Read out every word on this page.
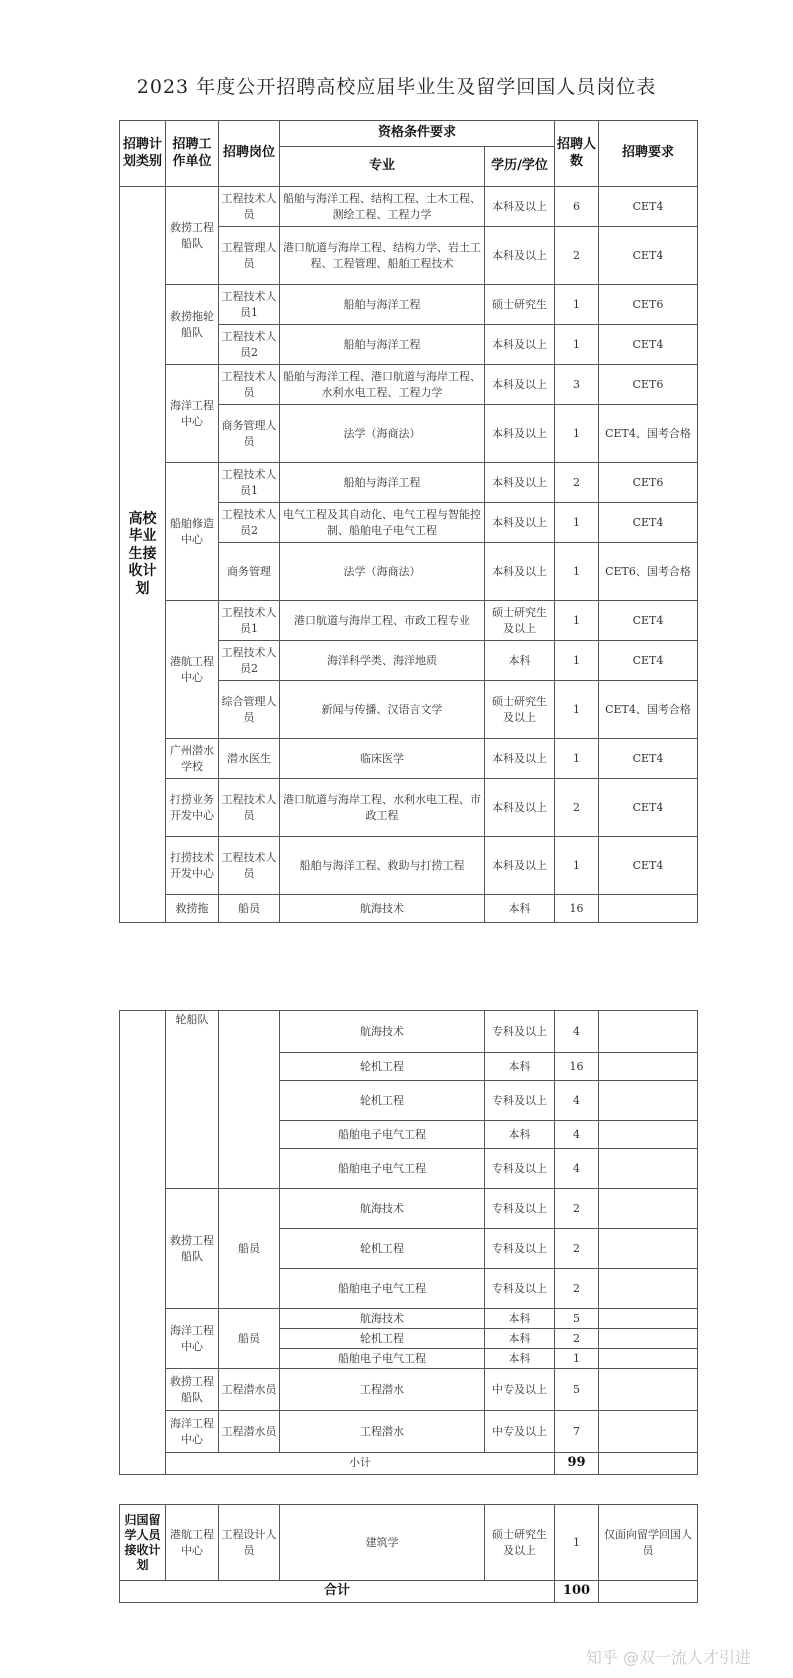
2023 年度公开招聘高校应届毕业生及留学回国人员岗位表
招聘计划类别	招聘工作单位	招聘岗位	资格条件要求		招聘人数	招聘要求
			专业	学历/学位		
高校毕业生接收计划	救捞工程船队	工程技术人员	船舶与海洋工程、结构工程、土木工程、测绘工程、工程力学	本科及以上	6	CET4
		工程管理人员	港口航道与海岸工程、结构力学、岩土工程、工程管理、船舶工程技术	本科及以上	2	CET4
	救捞拖轮船队	工程技术人员1	船舶与海洋工程	硕士研究生	1	CET6
		工程技术人员2	船舶与海洋工程	本科及以上	1	CET4
	海洋工程中心	工程技术人员	船舶与海洋工程、港口航道与海岸工程、水利水电工程、工程力学	本科及以上	3	CET6
		商务管理人员	法学（海商法）	本科及以上	1	CET4、国考合格
	船舶修造中心	工程技术人员1	船舶与海洋工程	本科及以上	2	CET6
		工程技术人员2	电气工程及其自动化、电气工程与智能控制、船舶电子电气工程	本科及以上	1	CET4
		商务管理	法学（海商法）	本科及以上	1	CET6、国考合格
	港航工程中心	工程技术人员1	港口航道与海岸工程、市政工程专业	硕士研究生及以上	1	CET4
		工程技术人员2	海洋科学类、海洋地质	本科	1	CET4
		综合管理人员	新闻与传播、汉语言文学	硕士研究生及以上	1	CET4、国考合格
	广州潜水学校	潜水医生	临床医学	本科及以上	1	CET4
	打捞业务开发中心	工程技术人员	港口航道与海岸工程、水利水电工程、市政工程	本科及以上	2	CET4
	打捞技术开发中心	工程技术人员	船舶与海洋工程、救助与打捞工程	本科及以上	1	CET4
	救捞拖	船员	航海技术	本科	16	
	轮船队		航海技术	专科及以上	4	
			轮机工程	本科	16	
			轮机工程	专科及以上	4	
			船舶电子电气工程	本科	4	
			船舶电子电气工程	专科及以上	4	
	救捞工程船队	船员	航海技术	专科及以上	2	
			轮机工程	专科及以上	2	
			船舶电子电气工程	专科及以上	2	
	海洋工程中心	船员	航海技术	本科	5	
			轮机工程	本科	2	
			船舶电子电气工程	本科	1	
	救捞工程船队	工程潜水员	工程潜水	中专及以上	5	
	海洋工程中心	工程潜水员	工程潜水	中专及以上	7	
	小计				99	
归国留学人员接收计划	港航工程中心	工程设计人员	建筑学	硕士研究生及以上	1	仅面向留学回国人员
合计					100	
知乎 @双一流人才引进
